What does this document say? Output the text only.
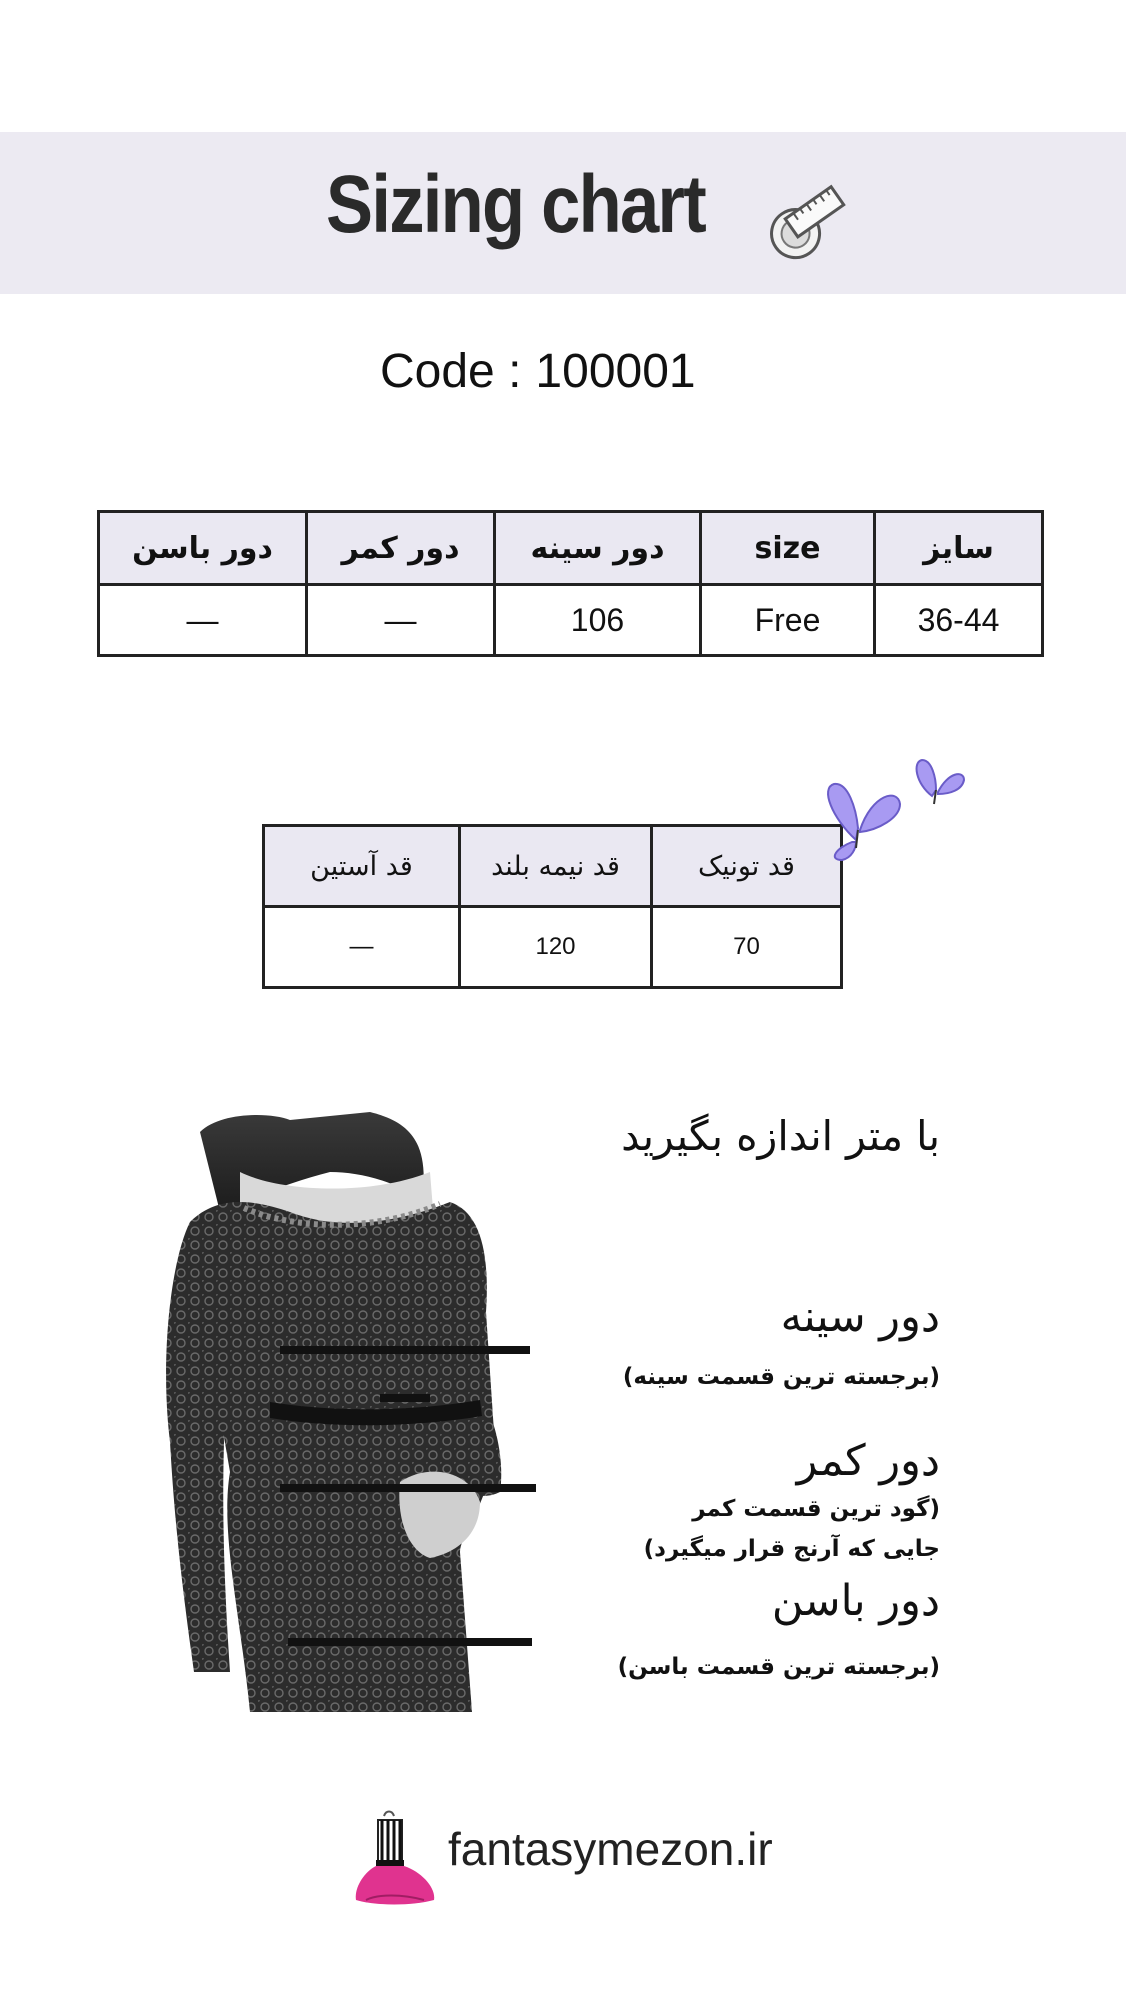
Sizing chart
Code : 100001
سایز	size	دور سینه	دور کمر	دور باسن
36-44	Free	106	—	—
قد تونیک	قد نیمه بلند	قد آستین
70	120	—
با متر اندازه بگیرید
دور سینه
(برجسته ترین قسمت سینه)
دور کمر
(گود ترین قسمت کمر
جایی که آرنج قرار میگیرد)
دور باسن
(برجسته ترین قسمت باسن)
fantasymezon.ir
